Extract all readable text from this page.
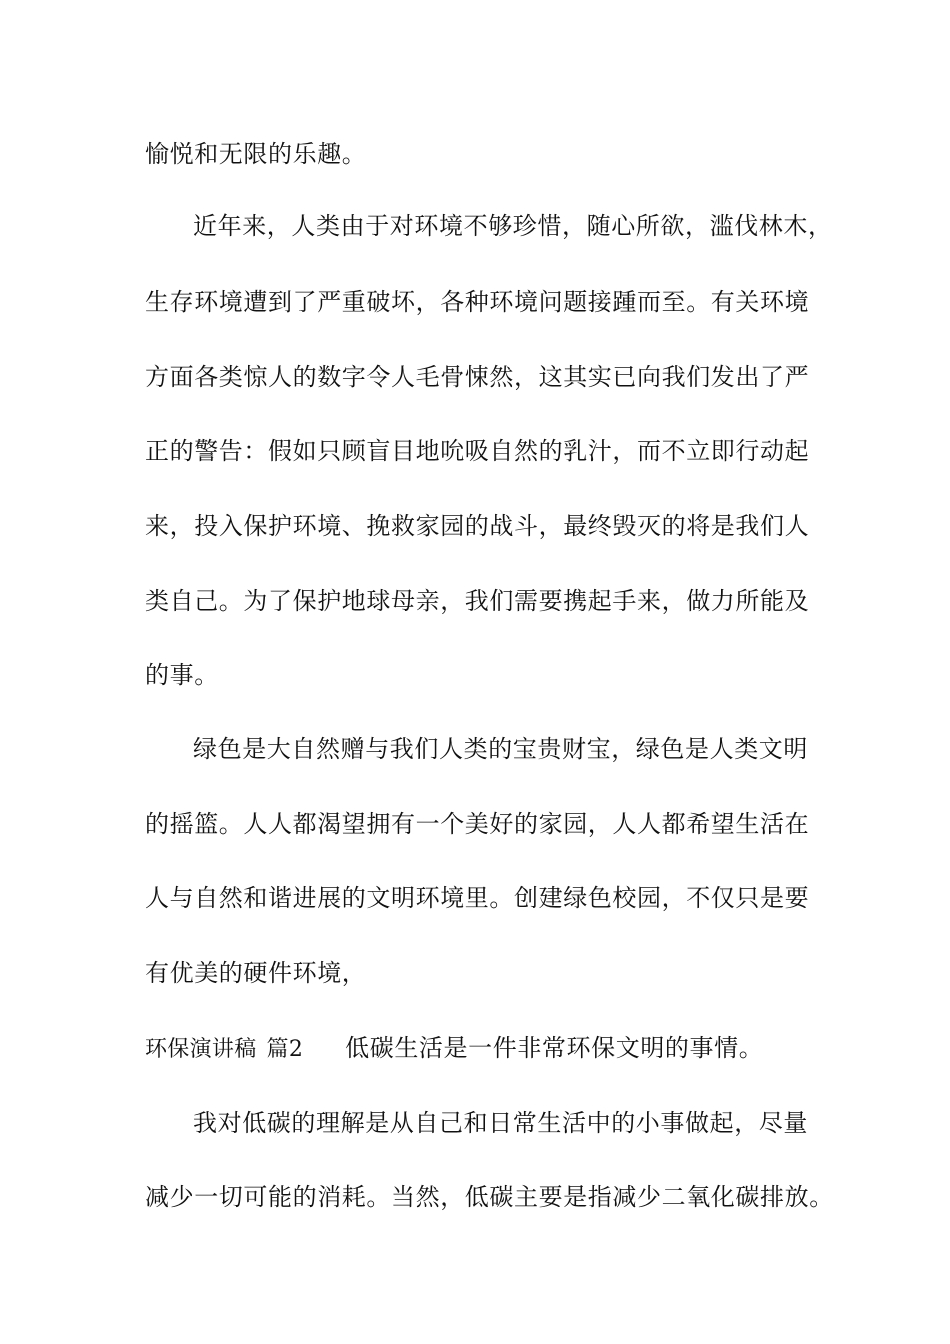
愉悦和无限的乐趣。
近年来，人类由于对环境不够珍惜，随心所欲，滥伐林木，
生存环境遭到了严重破坏，各种环境问题接踵而至。有关环境
方面各类惊人的数字令人毛骨悚然，这其实已向我们发出了严
正的警告：假如只顾盲目地吮吸自然的乳汁，而不立即行动起
来，投入保护环境、挽救家园的战斗，最终毁灭的将是我们人
类自己。为了保护地球母亲，我们需要携起手来，做力所能及
的事。
绿色是大自然赠与我们人类的宝贵财宝，绿色是人类文明
的摇篮。人人都渴望拥有一个美好的家园，人人都希望生活在
人与自然和谐进展的文明环境里。创建绿色校园，不仅只是要
有优美的硬件环境，
环保演讲稿 篇2 低碳生活是一件非常环保文明的事情。
我对低碳的理解是从自己和日常生活中的小事做起，尽量
减少一切可能的消耗。当然，低碳主要是指减少二氧化碳排放。
